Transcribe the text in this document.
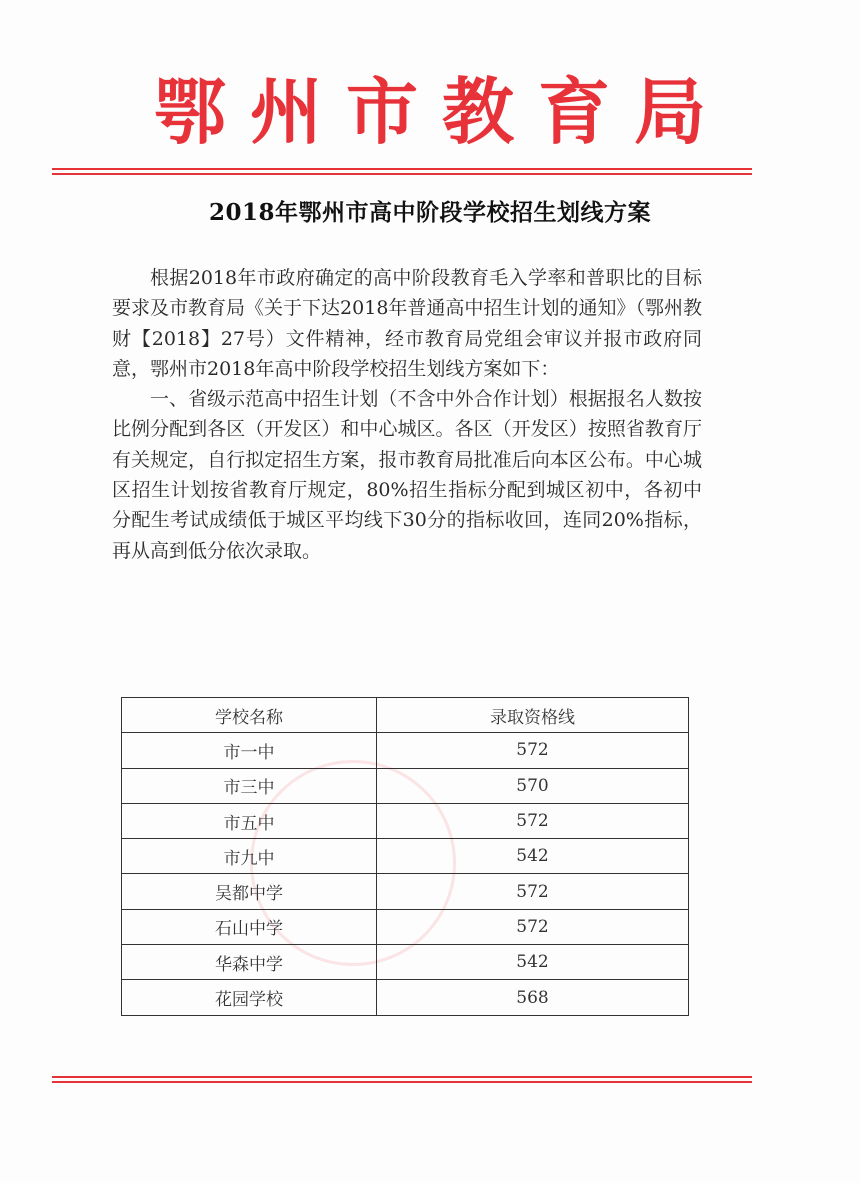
鄂州市教育局
2018年鄂州市高中阶段学校招生划线方案

根据2018年市政府确定的高中阶段教育毛入学率和普职比的目标要求及市教育局《关于下达2018年普通高中招生计划的通知》（鄂州教财【2018】27号）文件精神，经市教育局党组会审议并报市政府同意，鄂州市2018年高中阶段学校招生划线方案如下：

一、省级示范高中招生计划（不含中外合作计划）根据报名人数按比例分配到各区（开发区）和中心城区。各区（开发区）按照省教育厅有关规定，自行拟定招生方案，报市教育局批准后向本区公布。中心城区招生计划按省教育厅规定，80%招生指标分配到城区初中，各初中分配生考试成绩低于城区平均线下30分的指标收回，连同20%指标，再从高到低分依次录取。

学校名称	录取资格线
市一中	572
市三中	570
市五中	572
市九中	542
吴都中学	572
石山中学	572
华森中学	542
花园学校	568
